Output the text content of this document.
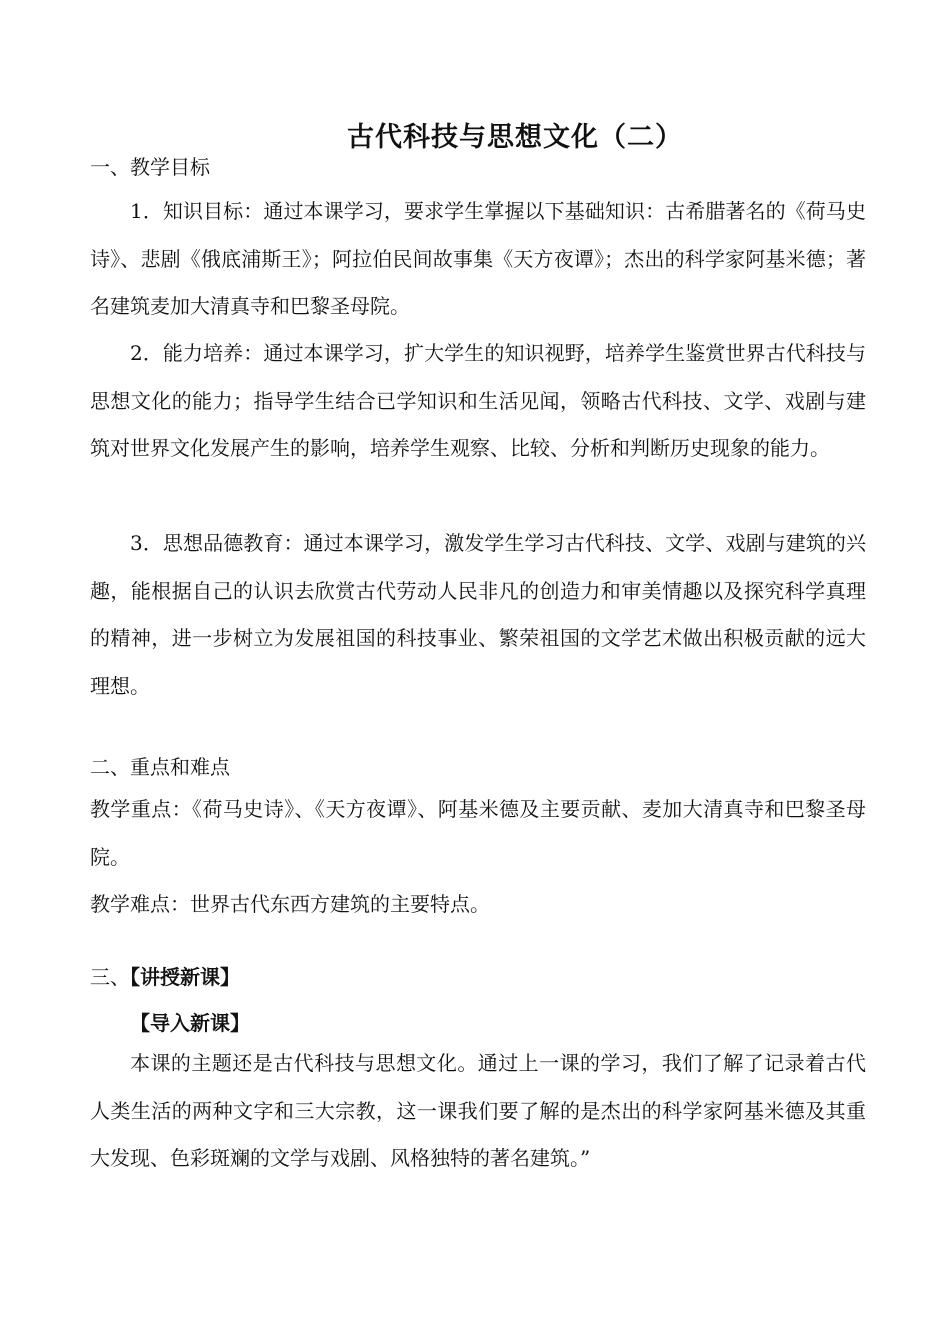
古代科技与思想文化（二）
一、教学目标
1．知识目标：通过本课学习，要求学生掌握以下基础知识：古希腊著名的《荷马史诗》、悲剧《俄底浦斯王》；阿拉伯民间故事集《天方夜谭》；杰出的科学家阿基米德；著名建筑麦加大清真寺和巴黎圣母院。
2．能力培养：通过本课学习，扩大学生的知识视野，培养学生鉴赏世界古代科技与思想文化的能力；指导学生结合已学知识和生活见闻，领略古代科技、文学、戏剧与建筑对世界文化发展产生的影响，培养学生观察、比较、分析和判断历史现象的能力。
3．思想品德教育：通过本课学习，激发学生学习古代科技、文学、戏剧与建筑的兴趣，能根据自己的认识去欣赏古代劳动人民非凡的创造力和审美情趣以及探究科学真理的精神，进一步树立为发展祖国的科技事业、繁荣祖国的文学艺术做出积极贡献的远大理想。
二、重点和难点
教学重点：《荷马史诗》、《天方夜谭》、阿基米德及主要贡献、麦加大清真寺和巴黎圣母院。
教学难点：世界古代东西方建筑的主要特点。
三、【讲授新课】
【导入新课】
本课的主题还是古代科技与思想文化。通过上一课的学习，我们了解了记录着古代人类生活的两种文字和三大宗教，这一课我们要了解的是杰出的科学家阿基米德及其重大发现、色彩斑斓的文学与戏剧、风格独特的著名建筑。”
